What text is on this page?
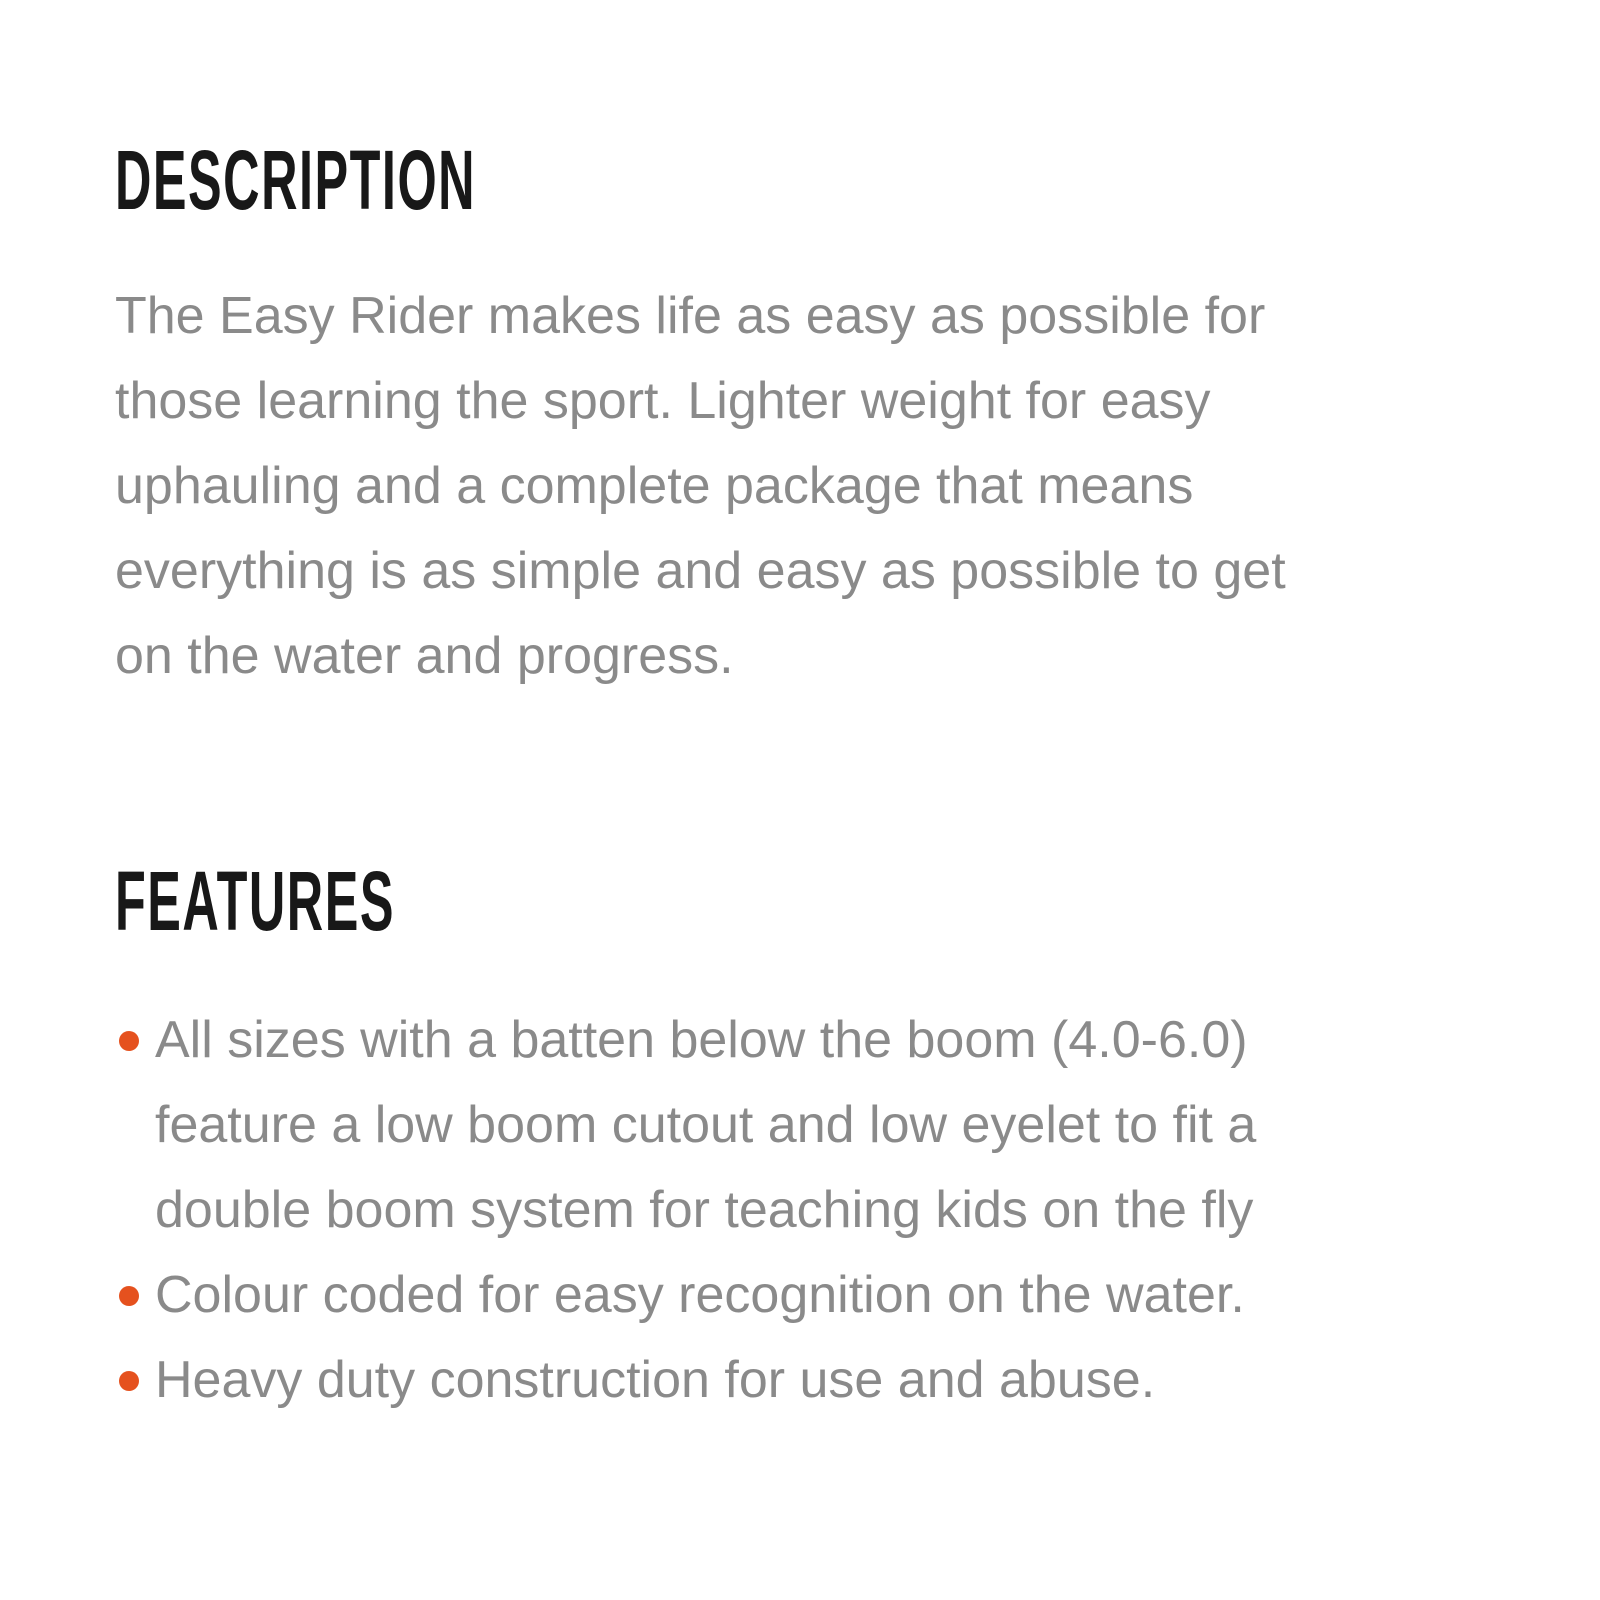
DESCRIPTION

The Easy Rider makes life as easy as possible for those learning the sport. Lighter weight for easy uphauling and a complete package that means everything is as simple and easy as possible to get on the water and progress.

FEATURES
All sizes with a batten below the boom (4.0-6.0) feature a low boom cutout and low eyelet to fit a double boom system for teaching kids on the fly
Colour coded for easy recognition on the water.
Heavy duty construction for use and abuse.
